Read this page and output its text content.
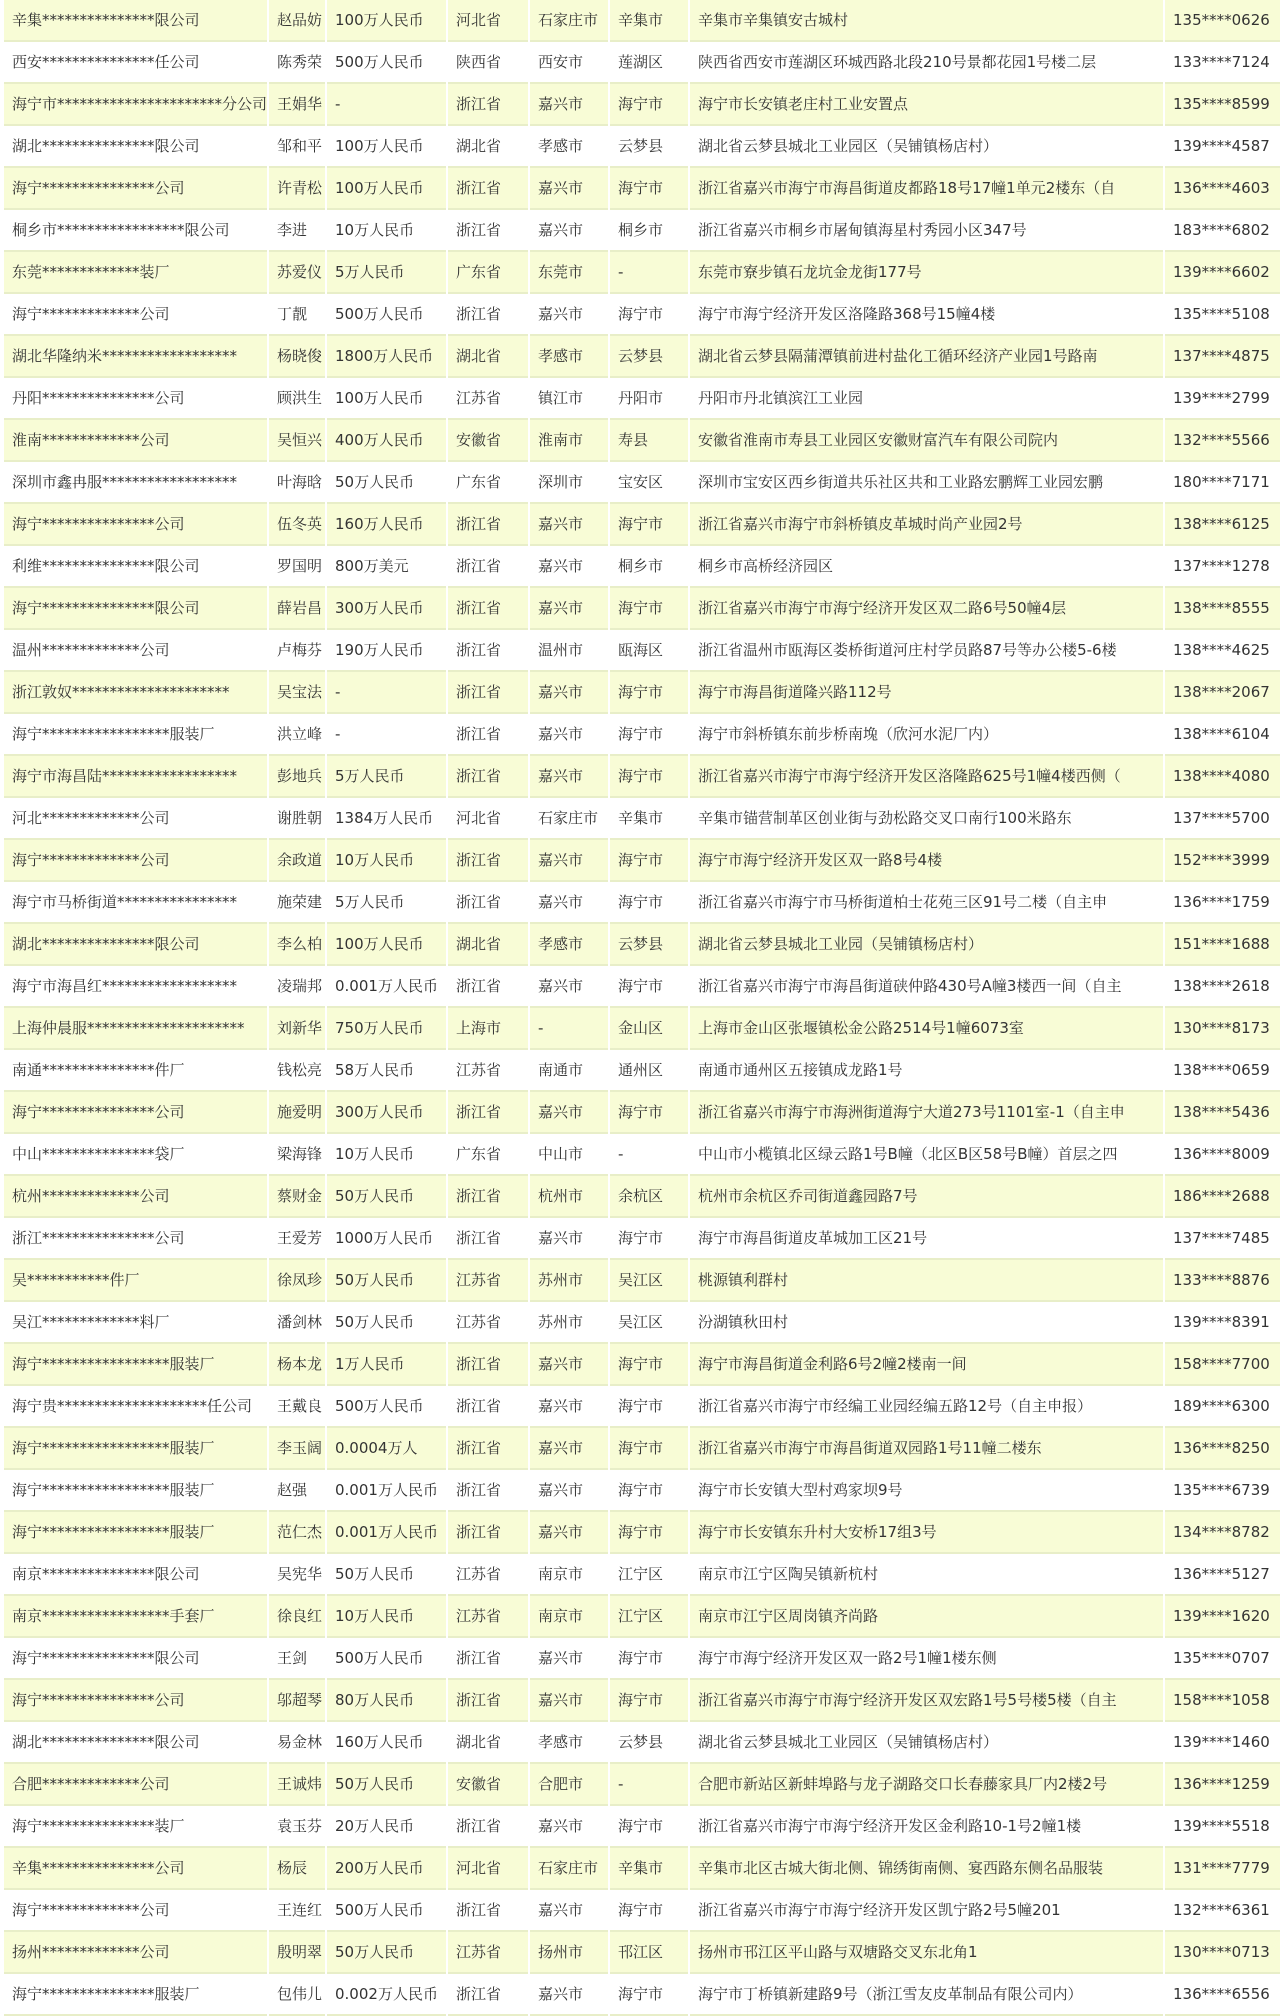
辛集***************限公司	赵品妨	100万人民币	河北省	石家庄市	辛集市	辛集市辛集镇安古城村	135****0626
西安***************任公司	陈秀荣	500万人民币	陕西省	西安市	莲湖区	陕西省西安市莲湖区环城西路北段210号景都花园1号楼二层	133****7124
海宁市**********************分公司	王娟华	-	浙江省	嘉兴市	海宁市	海宁市长安镇老庄村工业安置点	135****8599
湖北***************限公司	邹和平	100万人民币	湖北省	孝感市	云梦县	湖北省云梦县城北工业园区（吴铺镇杨店村）	139****4587
海宁***************公司	许青松	100万人民币	浙江省	嘉兴市	海宁市	浙江省嘉兴市海宁市海昌街道皮都路18号17幢1单元2楼东（自	136****4603
桐乡市*****************限公司	李进	10万人民币	浙江省	嘉兴市	桐乡市	浙江省嘉兴市桐乡市屠甸镇海星村秀园小区347号	183****6802
东莞*************装厂	苏爱仪	5万人民币	广东省	东莞市	-	东莞市寮步镇石龙坑金龙街177号	139****6602
海宁*************公司	丁靓	500万人民币	浙江省	嘉兴市	海宁市	海宁市海宁经济开发区洛隆路368号15幢4楼	135****5108
湖北华隆纳米******************	杨晓俊	1800万人民币	湖北省	孝感市	云梦县	湖北省云梦县隔蒲潭镇前进村盐化工循环经济产业园1号路南	137****4875
丹阳***************公司	顾洪生	100万人民币	江苏省	镇江市	丹阳市	丹阳市丹北镇滨江工业园	139****2799
淮南*************公司	吴恒兴	400万人民币	安徽省	淮南市	寿县	安徽省淮南市寿县工业园区安徽财富汽车有限公司院内	132****5566
深圳市鑫冉服******************	叶海晗	50万人民币	广东省	深圳市	宝安区	深圳市宝安区西乡街道共乐社区共和工业路宏鹏辉工业园宏鹏	180****7171
海宁***************公司	伍冬英	160万人民币	浙江省	嘉兴市	海宁市	浙江省嘉兴市海宁市斜桥镇皮革城时尚产业园2号	138****6125
利维***************限公司	罗国明	800万美元	浙江省	嘉兴市	桐乡市	桐乡市高桥经济园区	137****1278
海宁***************限公司	薛岩昌	300万人民币	浙江省	嘉兴市	海宁市	浙江省嘉兴市海宁市海宁经济开发区双二路6号50幢4层	138****8555
温州*************公司	卢梅芬	190万人民币	浙江省	温州市	瓯海区	浙江省温州市瓯海区娄桥街道河庄村学员路87号等办公楼5-6楼	138****4625
浙江敦奴*********************	吴宝法	-	浙江省	嘉兴市	海宁市	海宁市海昌街道隆兴路112号	138****2067
海宁*****************服装厂	洪立峰	-	浙江省	嘉兴市	海宁市	海宁市斜桥镇东前步桥南堍（欣河水泥厂内）	138****6104
海宁市海昌陆******************	彭地兵	5万人民币	浙江省	嘉兴市	海宁市	浙江省嘉兴市海宁市海宁经济开发区洛隆路625号1幢4楼西侧（	138****4080
河北*************公司	谢胜朝	1384万人民币	河北省	石家庄市	辛集市	辛集市锚营制革区创业街与劲松路交叉口南行100米路东	137****5700
海宁*************公司	余政道	10万人民币	浙江省	嘉兴市	海宁市	海宁市海宁经济开发区双一路8号4楼	152****3999
海宁市马桥街道****************	施荣建	5万人民币	浙江省	嘉兴市	海宁市	浙江省嘉兴市海宁市马桥街道柏士花苑三区91号二楼（自主申	136****1759
湖北***************限公司	李么柏	100万人民币	湖北省	孝感市	云梦县	湖北省云梦县城北工业园（吴铺镇杨店村）	151****1688
海宁市海昌红******************	凌瑞邦	0.001万人民币	浙江省	嘉兴市	海宁市	浙江省嘉兴市海宁市海昌街道硖仲路430号A幢3楼西一间（自主	138****2618
上海仲晨服*********************	刘新华	750万人民币	上海市	-	金山区	上海市金山区张堰镇松金公路2514号1幢6073室	130****8173
南通***************件厂	钱松亮	58万人民币	江苏省	南通市	通州区	南通市通州区五接镇成龙路1号	138****0659
海宁***************公司	施爱明	300万人民币	浙江省	嘉兴市	海宁市	浙江省嘉兴市海宁市海洲街道海宁大道273号1101室-1（自主申	138****5436
中山***************袋厂	梁海锋	10万人民币	广东省	中山市	-	中山市小榄镇北区绿云路1号B幢（北区B区58号B幢）首层之四	136****8009
杭州*************公司	蔡财金	50万人民币	浙江省	杭州市	余杭区	杭州市余杭区乔司街道鑫园路7号	186****2688
浙江***************公司	王爱芳	1000万人民币	浙江省	嘉兴市	海宁市	海宁市海昌街道皮革城加工区21号	137****7485
吴***********件厂	徐凤珍	50万人民币	江苏省	苏州市	吴江区	桃源镇利群村	133****8876
吴江*************料厂	潘剑林	50万人民币	江苏省	苏州市	吴江区	汾湖镇秋田村	139****8391
海宁*****************服装厂	杨本龙	1万人民币	浙江省	嘉兴市	海宁市	海宁市海昌街道金利路6号2幢2楼南一间	158****7700
海宁贵********************任公司	王戴良	500万人民币	浙江省	嘉兴市	海宁市	浙江省嘉兴市海宁市经编工业园经编五路12号（自主申报）	189****6300
海宁*****************服装厂	李玉阔	0.0004万人	浙江省	嘉兴市	海宁市	浙江省嘉兴市海宁市海昌街道双园路1号11幢二楼东	136****8250
海宁*****************服装厂	赵强	0.001万人民币	浙江省	嘉兴市	海宁市	海宁市长安镇大型村鸡家坝9号	135****6739
海宁*****************服装厂	范仁杰	0.001万人民币	浙江省	嘉兴市	海宁市	海宁市长安镇东升村大安桥17组3号	134****8782
南京***************限公司	吴宪华	50万人民币	江苏省	南京市	江宁区	南京市江宁区陶吴镇新杭村	136****5127
南京*****************手套厂	徐良红	10万人民币	江苏省	南京市	江宁区	南京市江宁区周岗镇齐尚路	139****1620
海宁***************限公司	王剑	500万人民币	浙江省	嘉兴市	海宁市	海宁市海宁经济开发区双一路2号1幢1楼东侧	135****0707
海宁***************公司	邬超琴	80万人民币	浙江省	嘉兴市	海宁市	浙江省嘉兴市海宁市海宁经济开发区双宏路1号5号楼5楼（自主	158****1058
湖北***************限公司	易金林	160万人民币	湖北省	孝感市	云梦县	湖北省云梦县城北工业园区（吴铺镇杨店村）	139****1460
合肥*************公司	王诚炜	50万人民币	安徽省	合肥市	-	合肥市新站区新蚌埠路与龙子湖路交口长春藤家具厂内2楼2号	136****1259
海宁***************装厂	袁玉芬	20万人民币	浙江省	嘉兴市	海宁市	浙江省嘉兴市海宁市海宁经济开发区金利路10-1号2幢1楼	139****5518
辛集***************公司	杨辰	200万人民币	河北省	石家庄市	辛集市	辛集市北区古城大街北侧、锦绣街南侧、宴西路东侧名品服装	131****7779
海宁*************公司	王连红	500万人民币	浙江省	嘉兴市	海宁市	浙江省嘉兴市海宁市海宁经济开发区凯宁路2号5幢201	132****6361
扬州*************公司	殷明翠	50万人民币	江苏省	扬州市	邗江区	扬州市邗江区平山路与双塘路交叉东北角1	130****0713
海宁***************服装厂	包伟儿	0.002万人民币	浙江省	嘉兴市	海宁市	海宁市丁桥镇新建路9号（浙江雪友皮革制品有限公司内）	136****6556
